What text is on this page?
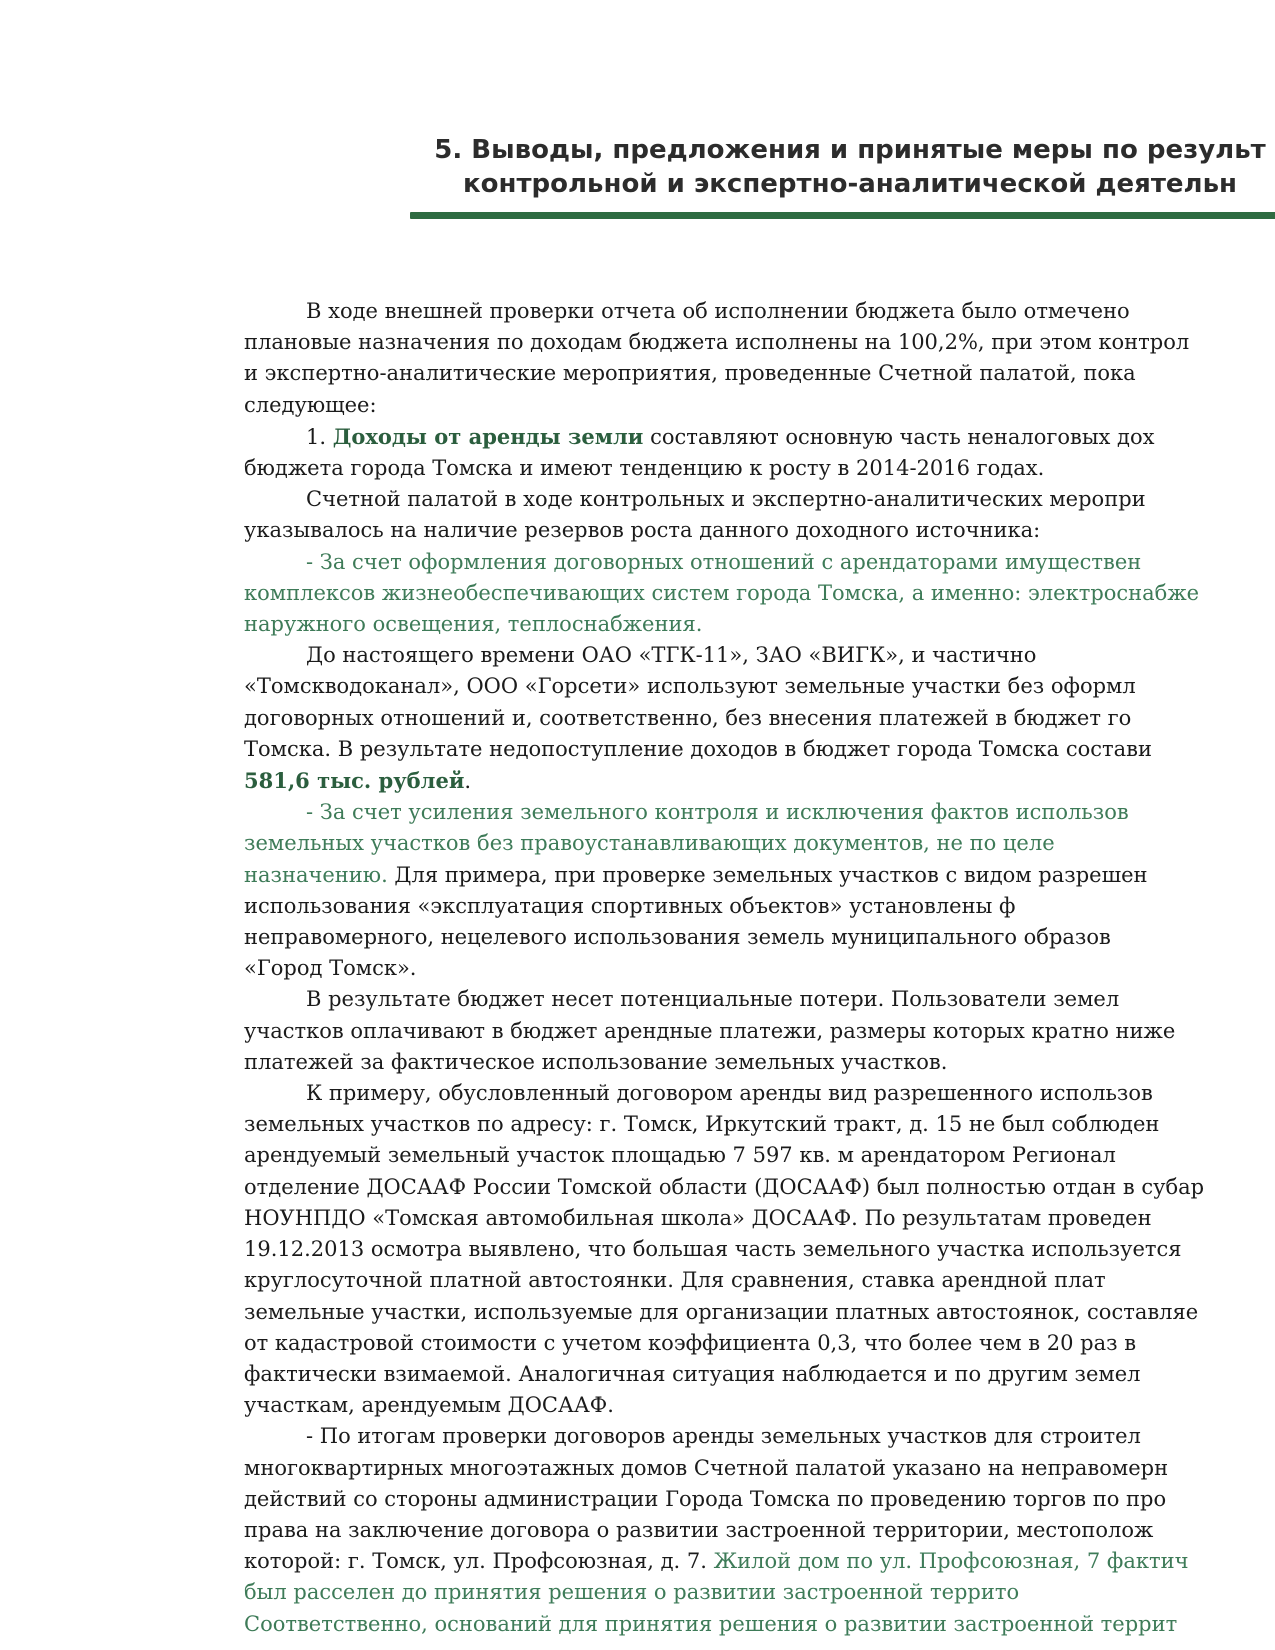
5. Выводы, предложения и принятые меры по результ
контрольной и экспертно-аналитической деятельн

В ходе внешней проверки отчета об исполнении бюджета было отмечено
плановые назначения по доходам бюджета исполнены на 100,2%, при этом контрол
и экспертно-аналитические мероприятия, проведенные Счетной палатой, пока
следующее:

1. Доходы от аренды земли составляют основную часть неналоговых дох
бюджета города Томска и имеют тенденцию к росту в 2014-2016 годах.

Счетной палатой в ходе контрольных и экспертно-аналитических меропри
указывалось на наличие резервов роста данного доходного источника:

- За счет оформления договорных отношений с арендаторами имуществен
комплексов жизнеобеспечивающих систем города Томска, а именно: электроснабже
наружного освещения, теплоснабжения.

До настоящего времени ОАО «ТГК-11», ЗАО «ВИГК», и частично
«Томскводоканал», ООО «Горсети» используют земельные участки без оформл
договорных отношений и, соответственно, без внесения платежей в бюджет го
Томска. В результате недопоступление доходов в бюджет города Томска состави
581,6 тыс. рублей.

- За счет усиления земельного контроля и исключения фактов использов
земельных участков без правоустанавливающих документов, не по целе
назначению. Для примера, при проверке земельных участков с видом разрешен
использования «эксплуатация спортивных объектов» установлены ф
неправомерного, нецелевого использования земель муниципального образов
«Город Томск».

В результате бюджет несет потенциальные потери. Пользователи земел
участков оплачивают в бюджет арендные платежи, размеры которых кратно ниже
платежей за фактическое использование земельных участков.

К примеру, обусловленный договором аренды вид разрешенного использов
земельных участков по адресу: г. Томск, Иркутский тракт, д. 15 не был соблюден
арендуемый земельный участок площадью 7 597 кв. м арендатором Регионал
отделение ДОСААФ России Томской области (ДОСААФ) был полностью отдан в субар
НОУНПДО «Томская автомобильная школа» ДОСААФ. По результатам проведен
19.12.2013 осмотра выявлено, что большая часть земельного участка используется
круглосуточной платной автостоянки. Для сравнения, ставка арендной плат
земельные участки, используемые для организации платных автостоянок, составляе
от кадастровой стоимости с учетом коэффициента 0,3, что более чем в 20 раз в
фактически взимаемой. Аналогичная ситуация наблюдается и по другим земел
участкам, арендуемым ДОСААФ.

- По итогам проверки договоров аренды земельных участков для строител
многоквартирных многоэтажных домов Счетной палатой указано на неправомерн
действий со стороны администрации Города Томска по проведению торгов по про
права на заключение договора о развитии застроенной территории, местополож
которой: г. Томск, ул. Профсоюзная, д. 7. Жилой дом по ул. Профсоюзная, 7 фактич
был расселен до принятия решения о развитии застроенной террито
Соответственно, оснований для принятия решения о развитии застроенной террит
